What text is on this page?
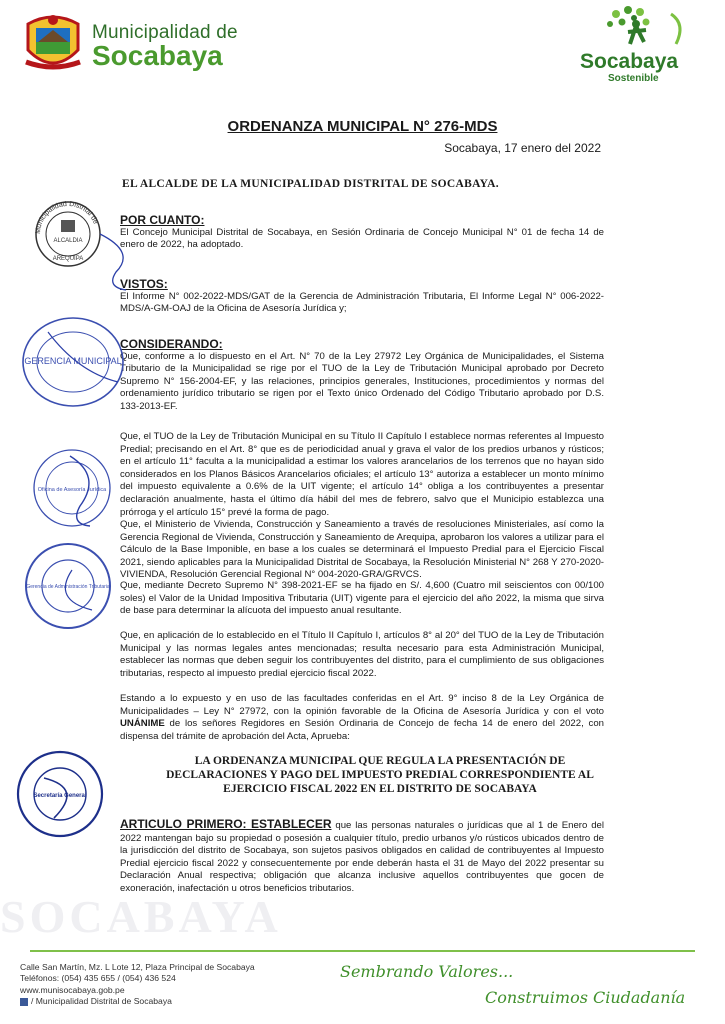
Municipalidad de
Socabaya	Socabaya
Sostenible
ORDENANZA MUNICIPAL N° 276-MDS
Socabaya, 17 enero del 2022
EL ALCALDE DE LA MUNICIPALIDAD DISTRITAL DE SOCABAYA.
POR CUANTO:

El Concejo Municipal Distrital de Socabaya, en Sesión Ordinaria de Concejo Municipal N° 01 de fecha 14 de enero de 2022, ha adoptado.

VISTOS:

El Informe N° 002-2022-MDS/GAT de la Gerencia de Administración Tributaria, El Informe Legal N° 006-2022-MDS/A-GM-OAJ de la Oficina de Asesoría Jurídica y;

CONSIDERANDO:

Que, conforme a lo dispuesto en el Art. N° 70 de la Ley 27972 Ley Orgánica de Municipalidades, el Sistema Tributario de la Municipalidad se rige por el TUO de la Ley de Tributación Municipal aprobado por Decreto Supremo N° 156-2004-EF, y las relaciones, principios generales, Instituciones, procedimientos y normas del ordenamiento jurídico tributario se rigen por el Texto único Ordenado del Código Tributario aprobado por D.S. 133-2013-EF.

Que, el TUO de la Ley de Tributación Municipal en su Título II Capítulo I establece normas referentes al Impuesto Predial; precisando en el Art. 8° que es de periodicidad anual y grava el valor de los predios urbanos y rústicos; en el artículo 11° faculta a la municipalidad a estimar los valores arancelarios de los terrenos que no hayan sido considerados en los Planos Básicos Arancelarios oficiales; el artículo 13° autoriza a establecer un monto mínimo del impuesto equivalente a 0.6% de la UIT vigente; el artículo 14° obliga a los contribuyentes a presentar declaración anualmente, hasta el último día hábil del mes de febrero, salvo que el Municipio establezca una prórroga y el artículo 15° prevé la forma de pago.

Que, el Ministerio de Vivienda, Construcción y Saneamiento a través de resoluciones Ministeriales, así como la Gerencia Regional de Vivienda, Construcción y Saneamiento de Arequipa, aprobaron los valores a utilizar para el Cálculo de la Base Imponible, en base a los cuales se determinará el Impuesto Predial para el Ejercicio Fiscal 2021, siendo aplicables para la Municipalidad Distrital de Socabaya, la Resolución Ministerial N° 268 Y 270-2020-VIVIENDA, Resolución Gerencial Regional N° 004-2020-GRA/GRVCS.

Que, mediante Decreto Supremo N° 398-2021-EF se ha fijado en S/. 4,600 (Cuatro mil seiscientos con 00/100 soles) el Valor de la Unidad Impositiva Tributaria (UIT) vigente para el ejercicio del año 2022, la misma que sirva de base para determinar la alícuota del impuesto anual resultante.

Que, en aplicación de lo establecido en el Título II Capítulo I, artículos 8° al 20° del TUO de la Ley de Tributación Municipal y las normas legales antes mencionadas; resulta necesario para esta Administración Municipal, establecer las normas que deben seguir los contribuyentes del distrito, para el cumplimiento de sus obligaciones tributarias, respecto al impuesto predial ejercicio fiscal 2022.

Estando a lo expuesto y en uso de las facultades conferidas en el Art. 9° inciso 8 de la Ley Orgánica de Municipalidades – Ley N° 27972, con la opinión favorable de la Oficina de Asesoría Jurídica y con el voto UNÁNIME de los señores Regidores en Sesión Ordinaria de Concejo de fecha 14 de enero del 2022, con dispensa del trámite de aprobación del Acta, Aprueba:

LA ORDENANZA MUNICIPAL QUE REGULA LA PRESENTACIÓN DE
DECLARACIONES Y PAGO DEL IMPUESTO PREDIAL CORRESPONDIENTE AL
EJERCICIO FISCAL 2022 EN EL DISTRITO DE SOCABAYA

ARTICULO PRIMERO: ESTABLECER que las personas naturales o jurídicas que al 1 de Enero del 2022 mantengan bajo su propiedad o posesión a cualquier título, predio urbanos y/o rústicos ubicados dentro de la jurisdicción del distrito de Socabaya, son sujetos pasivos obligados en calidad de contribuyentes al Impuesto Predial ejercicio fiscal 2022 y consecuentemente por ende deberán hasta el 31 de Mayo del 2022 presentar su Declaración Anual respectiva; obligación que alcanza inclusive aquellos contribuyentes que gocen de exoneración, inafectación u otros beneficios tributarios.

Municipalidad Distrital de
ALCALDIA
AREQUIPA
GERENCIA MUNICIPAL
Oficina de Asesoría Jurídica
Gerencia de Administración Tributaria
Secretaría General
SOCABAYA
Calle San Martín, Mz. L Lote 12, Plaza Principal de Socabaya
Teléfonos: (054) 435 655 / (054) 436 524
www.munisocabaya.gob.pe
/ Municipalidad Distrital de Socabaya
Sembrando Valores...
Construimos Ciudadanía
